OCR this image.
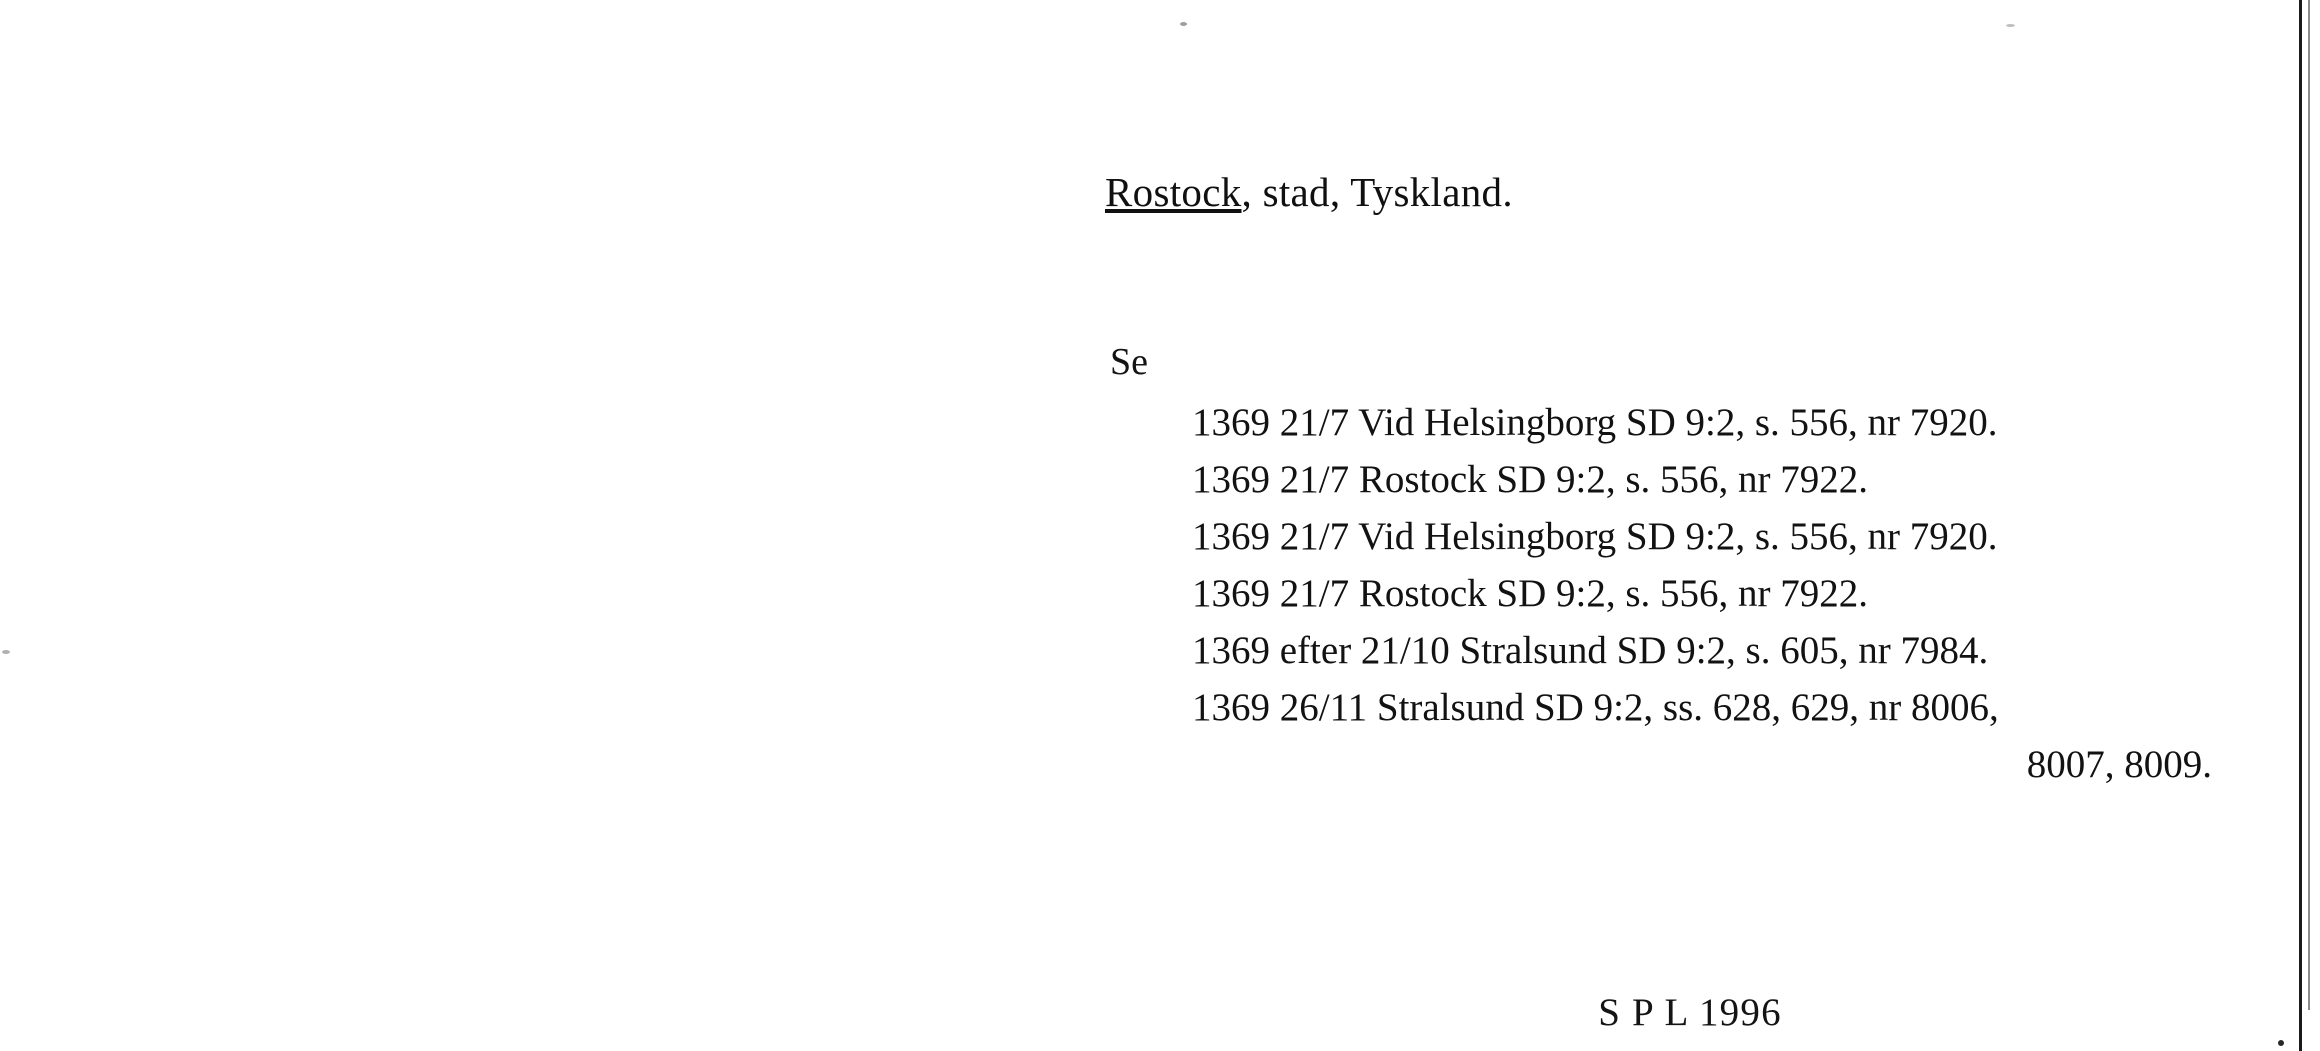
Rostock, stad, Tyskland.
Se
1369 21/7 Vid Helsingborg SD 9:2, s. 556, nr 7920.
1369 21/7 Rostock SD 9:2, s. 556, nr 7922.
1369 21/7 Vid Helsingborg SD 9:2, s. 556, nr 7920.
1369 21/7 Rostock SD 9:2, s. 556, nr 7922.
1369 efter 21/10 Stralsund SD 9:2, s. 605, nr 7984.
1369 26/11 Stralsund SD 9:2, ss. 628, 629, nr 8006,
8007, 8009.
S P L 1996
